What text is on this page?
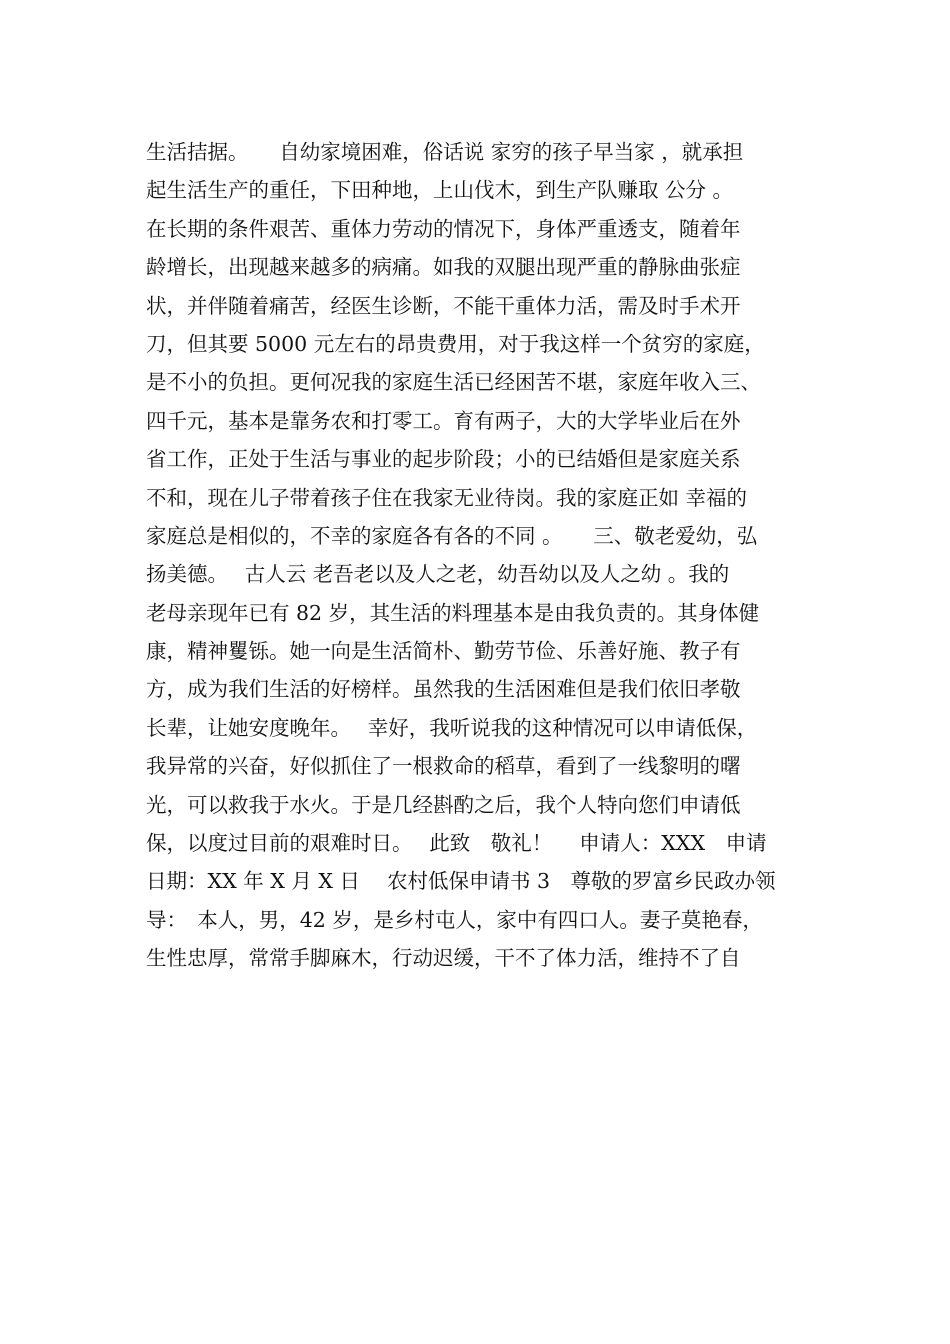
生活拮据。　　自幼家境困难，俗话说 家穷的孩子早当家 ，就承担
起生活生产的重任，下田种地，上山伐木，到生产队赚取 公分 。
在长期的条件艰苦、重体力劳动的情况下，身体严重透支，随着年
龄增长，出现越来越多的病痛。如我的双腿出现严重的静脉曲张症
状，并伴随着痛苦，经医生诊断，不能干重体力活，需及时手术开
刀，但其要 5000 元左右的昂贵费用，对于我这样一个贫穷的家庭，
是不小的负担。更何况我的家庭生活已经困苦不堪，家庭年收入三、
四千元，基本是靠务农和打零工。育有两子，大的大学毕业后在外
省工作，正处于生活与事业的起步阶段；小的已结婚但是家庭关系
不和，现在儿子带着孩子住在我家无业待岗。我的家庭正如 幸福的
家庭总是相似的，不幸的家庭各有各的不同 。　　三、敬老爱幼，弘
扬美德。　 古人云 老吾老以及人之老，幼吾幼以及人之幼 。我的
老母亲现年已有 82 岁，其生活的料理基本是由我负责的。其身体健
康，精神矍铄。她一向是生活简朴、勤劳节俭、乐善好施、教子有
方，成为我们生活的好榜样。虽然我的生活困难但是我们依旧孝敬
长辈，让她安度晚年。　 幸好，我听说我的这种情况可以申请低保，
我异常的兴奋，好似抓住了一根救命的稻草，看到了一线黎明的曙
光，可以救我于水火。于是几经斟酌之后，我个人特向您们申请低
保，以度过目前的艰难时日。　 此致　敬礼！　 申请人：XXX　申请
日期：XX 年 X 月 X 日　 农村低保申请书 3　尊敬的罗富乡民政办领
导：　本人，男，42 岁，是乡村屯人，家中有四口人。妻子莫艳春，
生性忠厚，常常手脚麻木，行动迟缓，干不了体力活，维持不了自
